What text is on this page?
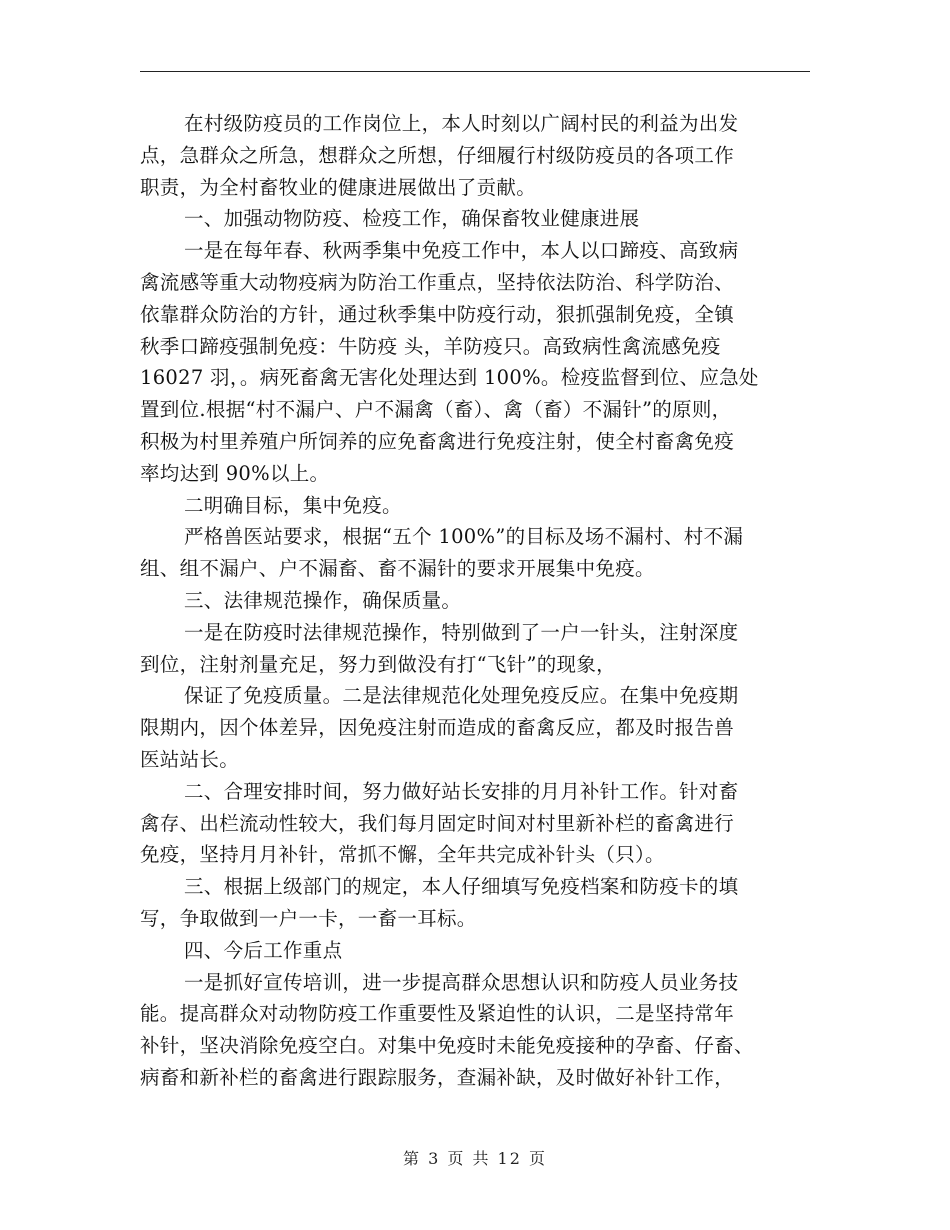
在村级防疫员的工作岗位上，本人时刻以广阔村民的利益为出发
点，急群众之所急，想群众之所想，仔细履行村级防疫员的各项工作
职责，为全村畜牧业的健康进展做出了贡献。
一、加强动物防疫、检疫工作，确保畜牧业健康进展
一是在每年春、秋两季集中免疫工作中，本人以口蹄疫、高致病
禽流感等重大动物疫病为防治工作重点，坚持依法防治、科学防治、
依靠群众防治的方针，通过秋季集中防疫行动，狠抓强制免疫，全镇
秋季口蹄疫强制免疫：牛防疫 头，羊防疫只。高致病性禽流感免疫
16027 羽，。病死畜禽无害化处理达到 100%。检疫监督到位、应急处
置到位.根据“村不漏户、户不漏禽（畜）、禽（畜）不漏针”的原则，
积极为村里养殖户所饲养的应免畜禽进行免疫注射，使全村畜禽免疫
率均达到 90%以上。
二明确目标，集中免疫。
严格兽医站要求，根据“五个 100%”的目标及场不漏村、村不漏
组、组不漏户、户不漏畜、畜不漏针的要求开展集中免疫。
三、法律规范操作，确保质量。
一是在防疫时法律规范操作，特别做到了一户一针头，注射深度
到位，注射剂量充足，努力到做没有打“飞针”的现象，
保证了免疫质量。二是法律规范化处理免疫反应。在集中免疫期
限期内，因个体差异，因免疫注射而造成的畜禽反应，都及时报告兽
医站站长。
二、合理安排时间，努力做好站长安排的月月补针工作。针对畜
禽存、出栏流动性较大，我们每月固定时间对村里新补栏的畜禽进行
免疫，坚持月月补针，常抓不懈，全年共完成补针头（只）。
三、根据上级部门的规定，本人仔细填写免疫档案和防疫卡的填
写，争取做到一户一卡，一畜一耳标。
四、今后工作重点
一是抓好宣传培训，进一步提高群众思想认识和防疫人员业务技
能。提高群众对动物防疫工作重要性及紧迫性的认识，二是坚持常年
补针，坚决消除免疫空白。对集中免疫时未能免疫接种的孕畜、仔畜、
病畜和新补栏的畜禽进行跟踪服务，查漏补缺，及时做好补针工作，
第 3 页 共 12 页
